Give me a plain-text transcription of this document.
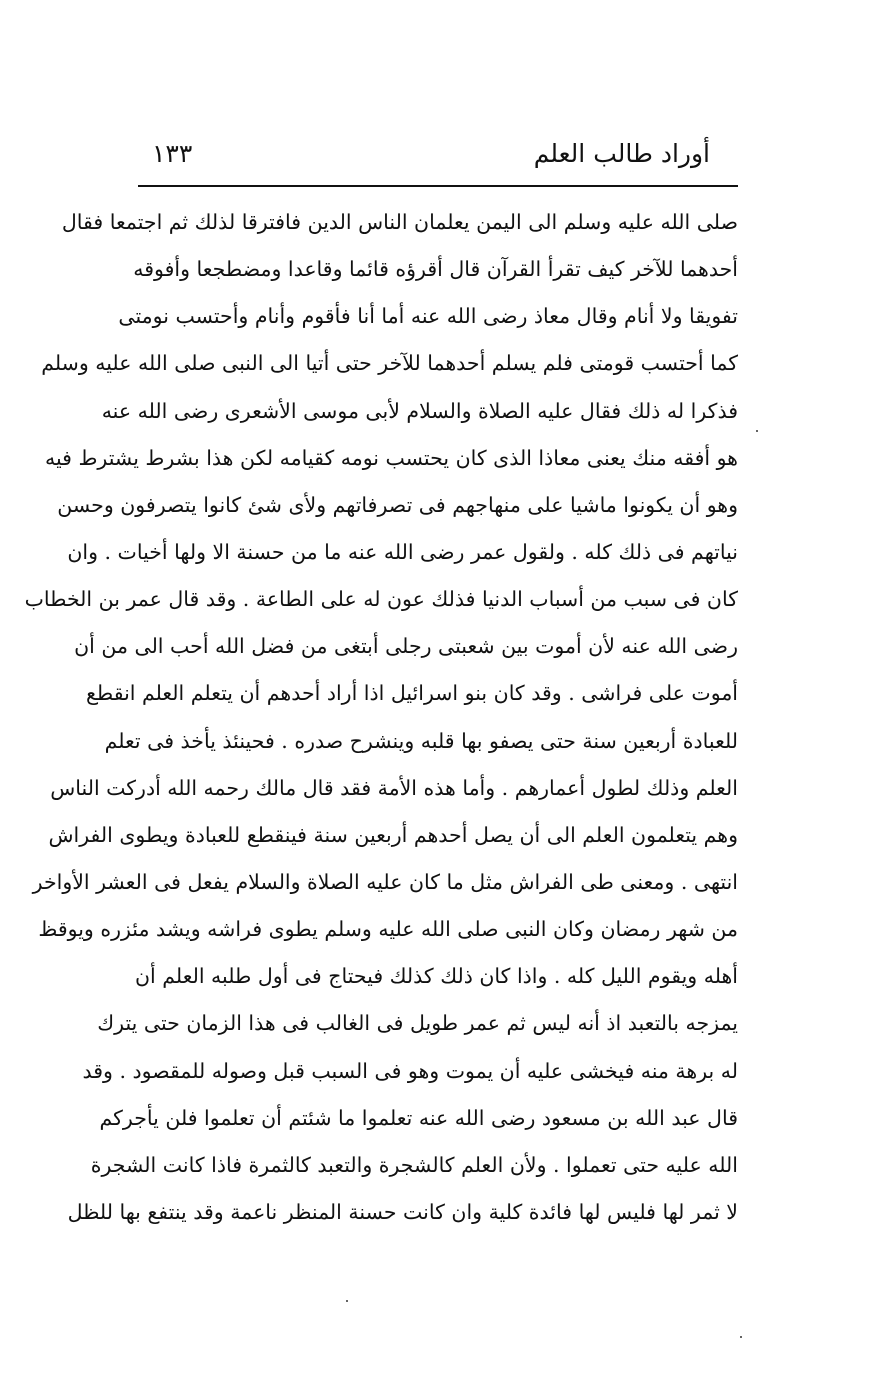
أوراد طالب العلم
١٣٣
صلى الله عليه وسلم الى اليمن يعلمان الناس الدين فافترقا لذلك ثم اجتمعا فقال
أحدهما للآخر كيف تقرأ القرآن قال أقرؤه قائما وقاعدا ومضطجعا وأفوقه
تفويقا ولا أنام وقال معاذ رضى الله عنه أما أنا فأقوم وأنام وأحتسب نومتى
كما أحتسب قومتى فلم يسلم أحدهما للآخر حتى أتيا الى النبى صلى الله عليه وسلم
فذكرا له ذلك فقال عليه الصلاة والسلام لأبى موسى الأشعرى رضى الله عنه
هو أفقه منك يعنى معاذا الذى كان يحتسب نومه كقيامه لكن هذا بشرط يشترط فيه
وهو أن يكونوا ماشيا على منهاجهم فى تصرفاتهم ولأى شئ كانوا يتصرفون وحسن
نياتهم فى ذلك كله . ولقول عمر رضى الله عنه ما من حسنة الا ولها أخيات . وان
كان فى سبب من أسباب الدنيا فذلك عون له على الطاعة . وقد قال عمر بن الخطاب
رضى الله عنه لأن أموت بين شعبتى رجلى أبتغى من فضل الله أحب الى من أن
أموت على فراشى . وقد كان بنو اسرائيل اذا أراد أحدهم أن يتعلم العلم انقطع
للعبادة أربعين سنة حتى يصفو بها قلبه وينشرح صدره . فحينئذ يأخذ فى تعلم
العلم وذلك لطول أعمارهم . وأما هذه الأمة فقد قال مالك رحمه الله أدركت الناس
وهم يتعلمون العلم الى أن يصل أحدهم أربعين سنة فينقطع للعبادة ويطوى الفراش
انتهى . ومعنى طى الفراش مثل ما كان عليه الصلاة والسلام يفعل فى العشر الأواخر
من شهر رمضان وكان النبى صلى الله عليه وسلم يطوى فراشه ويشد مئزره ويوقظ
أهله ويقوم الليل كله . واذا كان ذلك كذلك فيحتاج فى أول طلبه العلم أن
يمزجه بالتعبد اذ أنه ليس ثم عمر طويل فى الغالب فى هذا الزمان حتى يترك
له برهة منه فيخشى عليه أن يموت وهو فى السبب قبل وصوله للمقصود . وقد
قال عبد الله بن مسعود رضى الله عنه تعلموا ما شئتم أن تعلموا فلن يأجركم
الله عليه حتى تعملوا . ولأن العلم كالشجرة والتعبد كالثمرة فاذا كانت الشجرة
لا ثمر لها فليس لها فائدة كلية وان كانت حسنة المنظر ناعمة وقد ينتفع بها للظل
